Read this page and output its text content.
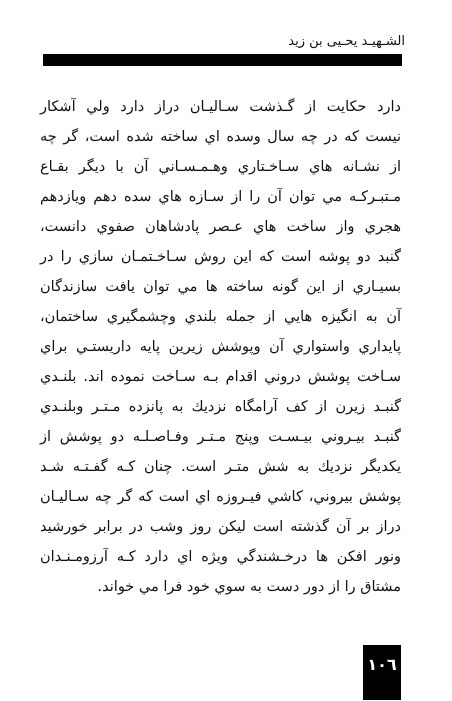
الشـهيـد يحـيى بن زيد
دارد حكايت از گـذشت سـاليـان دراز دارد ولي آشكار
نيست كه در چه سال وسده اي ساخته شده است، گر چه
از نشـانه هاي سـاخـتاري وهـمـسـاني آن با ديگر بقـاع
مـتبـركـه مي توان آن را از سـازه هاي سده دهم ويازدهم
هجري واز ساخت هاي عـصر پادشاهان صفوي دانست،
گنبد دو پوشه است كه اين روش سـاخـتمـان سازي را در
بسيـاري از اين گونه ساخته ها مي توان يافت سازندگان
آن به انگيزه هايي از جمله بلندي وچشمگيري ساختمان،
پايداري واستواري آن وپوشش زيرين پايه داريستـي براي
سـاخت پوشش دروني اقدام بـه سـاخت نموده اند. بلنـدي
گنبـد زيرن از كف آرامگاه نزديك به پانزده مـتـر وبلنـدي
گنبـد بيـروني بيـسـت وپنج مـتـر وفـاصـلـه دو پوشش از
يكديگر نزديك به شش متـر است. چنان كـه گفـتـه شـد
پوشش بيروني، كاشي فيـروزه اي است كه گر چه سـاليـان
دراز بر آن گذشته است ليكن روز وشب در برابر خورشيد
ونور افكن ها درخـشندگي ويژه اي دارد كـه آرزومـنـدان
مشتاق را از دور دست به سوي خود فرا مي خواند.
١٠٦
